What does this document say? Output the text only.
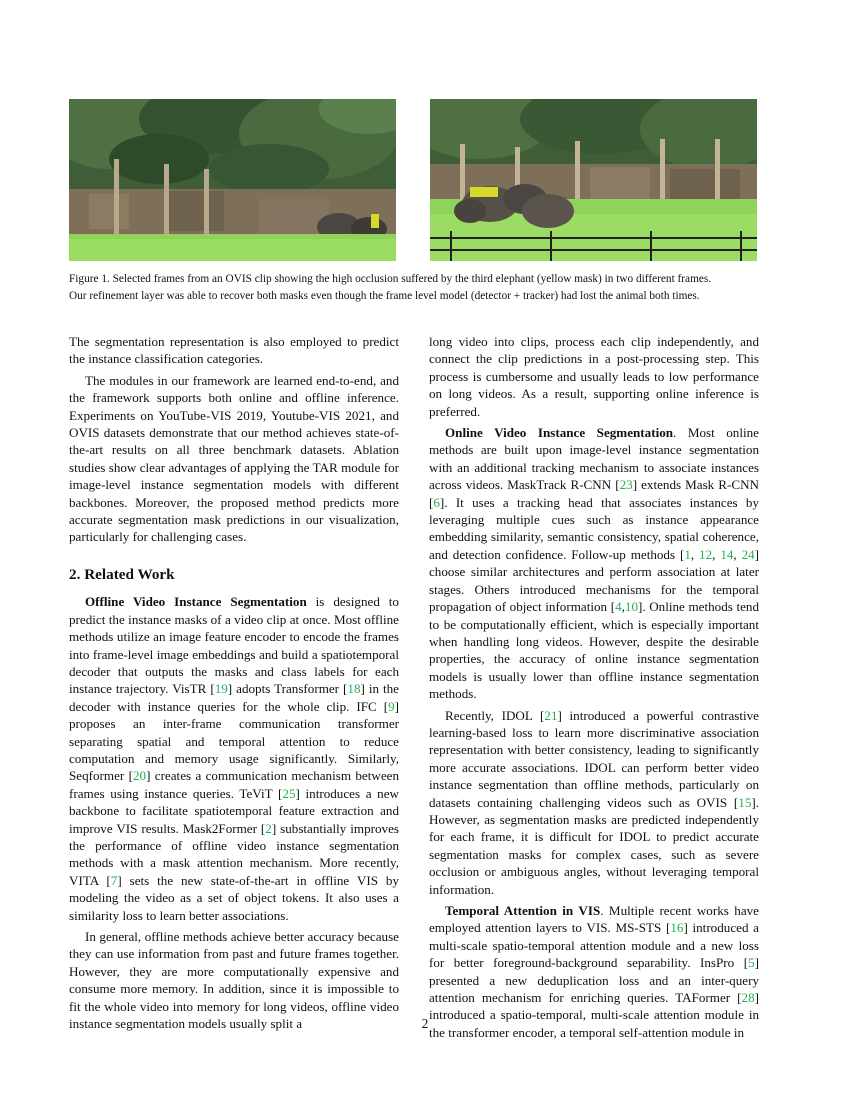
Figure 1. Selected frames from an OVIS clip showing the high occlusion suffered by the third elephant (yellow mask) in two different frames.
Our refinement layer was able to recover both masks even though the frame level model (detector + tracker) had lost the animal both times.

The segmentation representation is also employed to predict the instance classification categories.

The modules in our framework are learned end-to-end, and the framework supports both online and offline inference. Experiments on YouTube-VIS 2019, Youtube-VIS 2021, and OVIS datasets demonstrate that our method achieves state-of-the-art results on all three benchmark datasets. Ablation studies show clear advantages of applying the TAR module for image-level instance segmentation models with different backbones. Moreover, the proposed method predicts more accurate segmentation mask predictions in our visualization, particularly for challenging cases.

2. Related Work

Offline Video Instance Segmentation is designed to predict the instance masks of a video clip at once. Most offline methods utilize an image feature encoder to encode the frames into frame-level image embeddings and build a spatiotemporal decoder that outputs the masks and class labels for each instance trajectory. VisTR [19] adopts Transformer [18] in the decoder with instance queries for the whole clip. IFC [9] proposes an inter-frame communication transformer separating spatial and temporal attention to reduce computation and memory usage significantly. Similarly, Seqformer [20] creates a communication mechanism between frames using instance queries. TeViT [25] introduces a new backbone to facilitate spatiotemporal feature extraction and improve VIS results. Mask2Former [2] substantially improves the performance of offline video instance segmentation methods with a mask attention mechanism. More recently, VITA [7] sets the new state-of-the-art in offline VIS by modeling the video as a set of object tokens. It also uses a similarity loss to learn better associations.

In general, offline methods achieve better accuracy because they can use information from past and future frames together. However, they are more computationally expensive and consume more memory. In addition, since it is impossible to fit the whole video into memory for long videos, offline video instance segmentation models usually split a

long video into clips, process each clip independently, and connect the clip predictions in a post-processing step. This process is cumbersome and usually leads to low performance on long videos. As a result, supporting online inference is preferred.

Online Video Instance Segmentation. Most online methods are built upon image-level instance segmentation with an additional tracking mechanism to associate instances across videos. MaskTrack R-CNN [23] extends Mask R-CNN [6]. It uses a tracking head that associates instances by leveraging multiple cues such as instance appearance embedding similarity, semantic consistency, spatial coherence, and detection confidence. Follow-up methods [1, 12, 14, 24] choose similar architectures and perform association at later stages. Others introduced mechanisms for the temporal propagation of object information [4,10]. Online methods tend to be computationally efficient, which is especially important when handling long videos. However, despite the desirable properties, the accuracy of online instance segmentation models is usually lower than offline instance segmentation methods.

Recently, IDOL [21] introduced a powerful contrastive learning-based loss to learn more discriminative association representation with better consistency, leading to significantly more accurate associations. IDOL can perform better video instance segmentation than offline methods, particularly on datasets containing challenging videos such as OVIS [15]. However, as segmentation masks are predicted independently for each frame, it is difficult for IDOL to predict accurate segmentation masks for complex cases, such as severe occlusion or ambiguous angles, without leveraging temporal information.

Temporal Attention in VIS. Multiple recent works have employed attention layers to VIS. MS-STS [16] introduced a multi-scale spatio-temporal attention module and a new loss for better foreground-background separability. InsPro [5] presented a new deduplication loss and an inter-query attention mechanism for enriching queries. TAFormer [28] introduced a spatio-temporal, multi-scale attention module in the transformer encoder, a temporal self-attention module in

2
